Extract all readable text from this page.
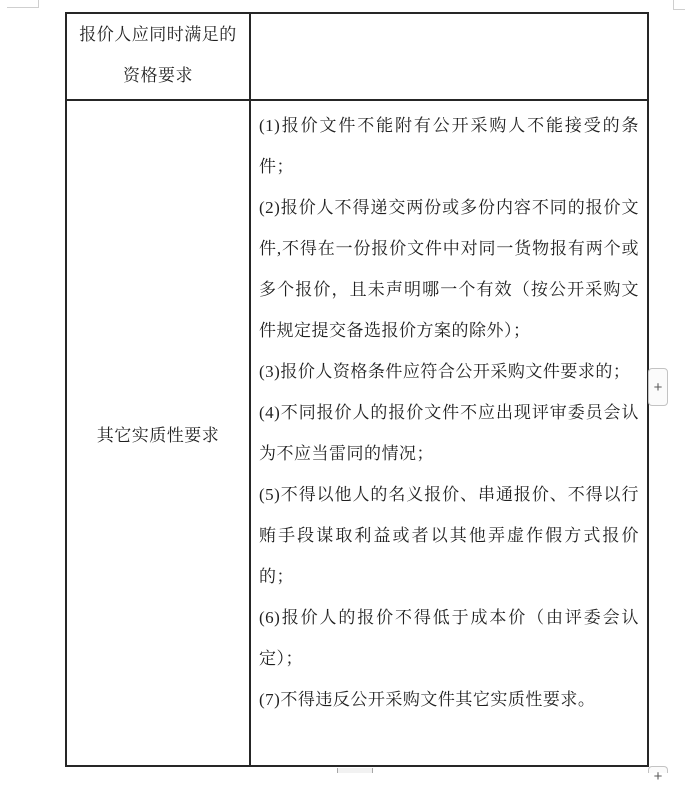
报价人应同时满足的
资格要求
其它实质性要求

(1)报价文件不能附有公开采购人不能接受的条件；

(2)报价人不得递交两份或多份内容不同的报价文件,不得在一份报价文件中对同一货物报有两个或多个报价，且未声明哪一个有效（按公开采购文件规定提交备选报价方案的除外）；

(3)报价人资格条件应符合公开采购文件要求的；

(4)不同报价人的报价文件不应出现评审委员会认为不应当雷同的情况；

(5)不得以他人的名义报价、串通报价、不得以行贿手段谋取利益或者以其他弄虚作假方式报价的；

(6)报价人的报价不得低于成本价（由评委会认定）；

(7)不得违反公开采购文件其它实质性要求。

+
+
